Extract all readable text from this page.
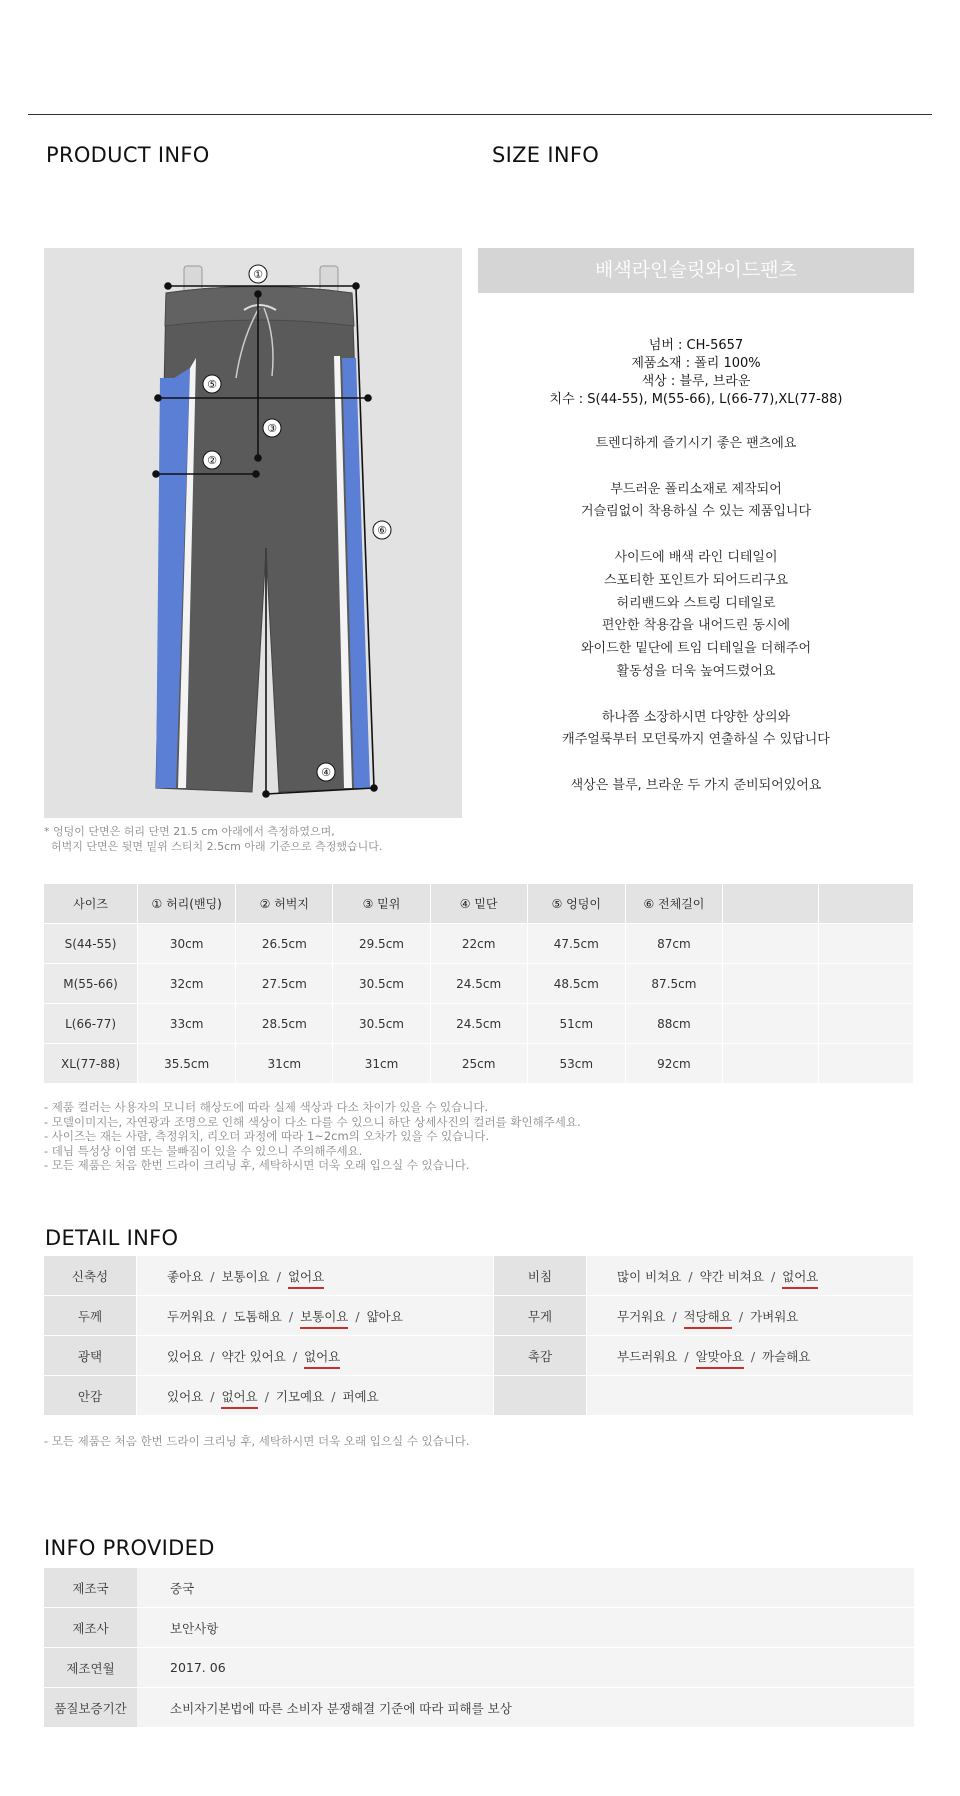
PRODUCT INFO	SIZE INFO
①
②
③
④
⑤
⑥
* 엉덩이 단면은 허리 단면 21.5 cm 아래에서 측정하였으며,
허벅지 단면은 뒷면 밑위 스티치 2.5cm 아래 기준으로 측정했습니다.
배색라인슬릿와이드팬츠
넘버 : CH-5657
제품소재 : 폴리 100%
색상 : 블루, 브라운
치수 : S(44-55), M(55-66), L(66-77),XL(77-88)
트렌디하게 즐기시기 좋은 팬츠에요

부드러운 폴리소재로 제작되어
거슬림없이 착용하실 수 있는 제품입니다

사이드에 배색 라인 디테일이
스포티한 포인트가 되어드리구요
허리밴드와 스트링 디테일로
편안한 착용감을 내어드린 동시에
와이드한 밑단에 트임 디테일을 더해주어
활동성을 더욱 높여드렸어요

하나쯤 소장하시면 다양한 상의와
캐주얼룩부터 모던룩까지 연출하실 수 있답니다

색상은 블루, 브라운 두 가지 준비되어있어요
사이즈	① 허리(밴딩)	② 허벅지	③ 밑위	④ 밑단	⑤ 엉덩이	⑥ 전체길이		
S(44-55)	30cm	26.5cm	29.5cm	22cm	47.5cm	87cm		
M(55-66)	32cm	27.5cm	30.5cm	24.5cm	48.5cm	87.5cm		
L(66-77)	33cm	28.5cm	30.5cm	24.5cm	51cm	88cm		
XL(77-88)	35.5cm	31cm	31cm	25cm	53cm	92cm		
- 제품 컬러는 사용자의 모니터 해상도에 따라 실제 색상과 다소 차이가 있을 수 있습니다.
- 모델이미지는, 자연광과 조명으로 인해 색상이 다소 다를 수 있으니 하단 상세사진의 컬러를 확인해주세요.
- 사이즈는 재는 사람, 측정위치, 리오더 과정에 따라 1~2cm의 오차가 있을 수 있습니다.
- 데님 특성상 이염 또는 물빠짐이 있을 수 있으니 주의해주세요.
- 모든 제품은 처음 한번 드라이 크리닝 후, 세탁하시면 더욱 오래 입으실 수 있습니다.
DETAIL INFO
신축성	좋아요 / 보통이요 / 없어요	비침	많이 비쳐요 / 약간 비쳐요 / 없어요
두께	두꺼워요 / 도톰해요 / 보통이요 / 얇아요	무게	무거워요 / 적당해요 / 가벼워요
광택	있어요 / 약간 있어요 / 없어요	촉감	부드러워요 / 알맞아요 / 까슬해요
안감	있어요 / 없어요 / 기모예요 / 퍼예요		
- 모든 제품은 처음 한번 드라이 크리닝 후, 세탁하시면 더욱 오래 입으실 수 있습니다.
INFO PROVIDED
제조국	중국
제조사	보안사항
제조연월	2017. 06
품질보증기간	소비자기본법에 따른 소비자 분쟁해결 기준에 따라 피해를 보상
